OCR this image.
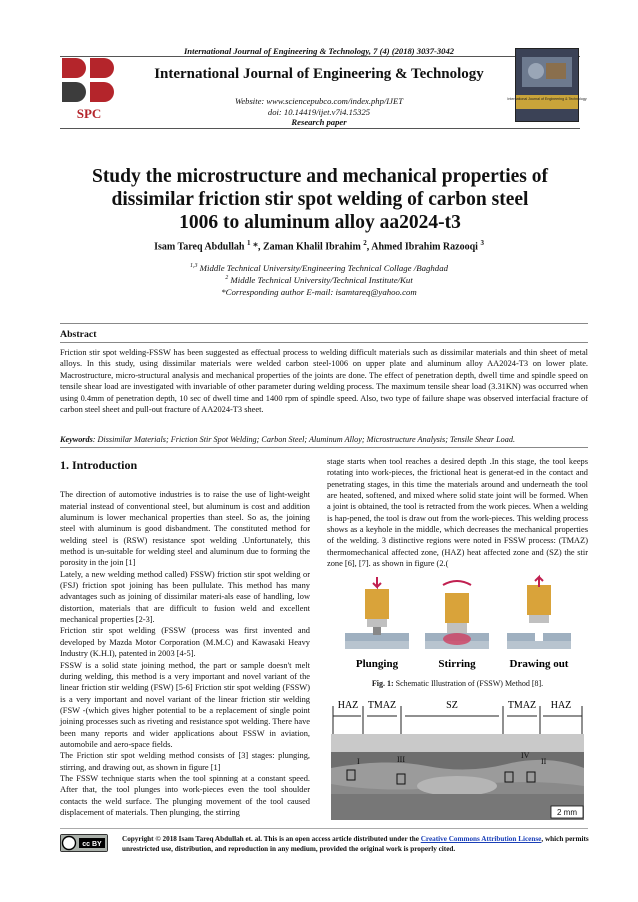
International Journal of Engineering & Technology, 7 (4) (2018) 3037-3042
SPC
International Journal of Engineering & Technology
International Journal of Engineering & Technology
Website: www.sciencepubco.com/index.php/IJET
doi: 10.14419/ijet.v7i4.15325
Research paper
Study the microstructure and mechanical properties of
dissimilar friction stir spot welding of carbon steel
1006 to aluminum alloy aa2024-t3
Isam Tareq Abdullah $^1$ *, Zaman Khalil Ibrahim $^2$, Ahmed Ibrahim Razooqi $^3$
$^{1,3}$ Middle Technical University/Engineering Technical Collage /Baghdad
$^2$ Middle Technical University/Technical Institute/Kut
*Corresponding author E-mail: isamtareq@yahoo.com
Abstract
Friction stir spot welding-FSSW has been suggested as effectual process to welding difficult materials such as dissimilar materials and thin sheet of metal alloys. In this study, using dissimilar materials were welded carbon steel-1006 on upper plate and aluminum alloy AA2024-T3 on lower plate. Macrostructure, micro-structural analysis and mechanical properties of the joints are done. The effect of penetration depth, dwell time and spindle speed on tensile shear load are investigated with invariable of other parameter during welding process. The maximum tensile shear load (3.31KN) was occurred when using 0.4mm of penetration depth, 10 sec of dwell time and 1400 rpm of spindle speed. Also, two type of failure shape was observed interfacial fracture of carbon steel sheet and pull-out fracture of AA2024-T3 sheet.
Keywords: Dissimilar Materials; Friction Stir Spot Welding; Carbon Steel; Aluminum Alloy; Microstructure Analysis; Tensile Shear Load.
1. Introduction

The direction of automotive industries is to raise the use of light-weight material instead of conventional steel, but aluminum is cost and addition aluminum is lower mechanical properties than steel. So as, the joining steel with aluminum is good disbandment. The constituted method for welding steel is (RSW) resistance spot welding .Unfortunately, this method is un-suitable for welding steel and aluminum due to forming the porosity in the join [1]

Lately, a new welding method called) FSSW) friction stir spot welding or (FSJ) friction spot joining has been pullulate. This method has many advantages such as joining of dissimilar materi-als ease of handling, low distortion, materials that are difficult to fusion weld and excellent mechanical properties [2-3].

Friction stir spot welding (FSSW (process was first invented and developed by Mazda Motor Corporation (M.M.C) and Kawasaki Heavy Industry (K.H.I), patented in 2003 [4-5].

FSSW is a solid state joining method, the part or sample doesn't melt during welding, this method is a very important and novel variant of the linear friction stir welding (FSW) [5-6] Friction stir spot welding (FSSW) is a very important and novel variant of the linear friction stir welding (FSW -(which gives higher potential to be a replacement of single point joining processes such as riveting and resistance spot welding. There have been many reports and wider applications about FSSW in aviation, automobile and aero-space fields.

The Friction stir spot welding method consists of [3] stages: plunging, stirring, and drawing out, as shown in figure [1]

The FSSW technique starts when the tool spinning at a constant speed. After that, the tool plunges into work-pieces even the tool shoulder contacts the weld surface. The plunging movement of the tool caused displacement of materials. Then plunging, the stirring

stage starts when tool reaches a desired depth .In this stage, the tool keeps rotating into work-pieces, the frictional heat is generat-ed in the contact and penetrating stages, in this time the materials around and underneath the tool are heated, softened, and mixed where solid state joint will be formed. When a joint is obtained, the tool is retracted from the work pieces. When a welding is hap-pened, the tool is draw out from the work-pieces. This welding process shows as a keyhole in the middle, which decreases the mechanical properties of the welding. 3 distinctive regions were noted in FSSW process: (TMAZ) thermomechanical affected zone, (HAZ) heat affected zone and (SZ) the stir zone [6], [7]. as shown in figure (2.(

Plunging	Stirring	Drawing out
Fig. 1: Schematic Illustration of (FSSW) Method [8].
HAZ TMAZ	SZ	TMAZ HAZ
I	II
III	IV
2 mm
cc BY
Copyright © 2018 Isam Tareq Abdullah et. al. This is an open access article distributed under the Creative Commons Attribution License, which permits unrestricted use, distribution, and reproduction in any medium, provided the original work is properly cited.
